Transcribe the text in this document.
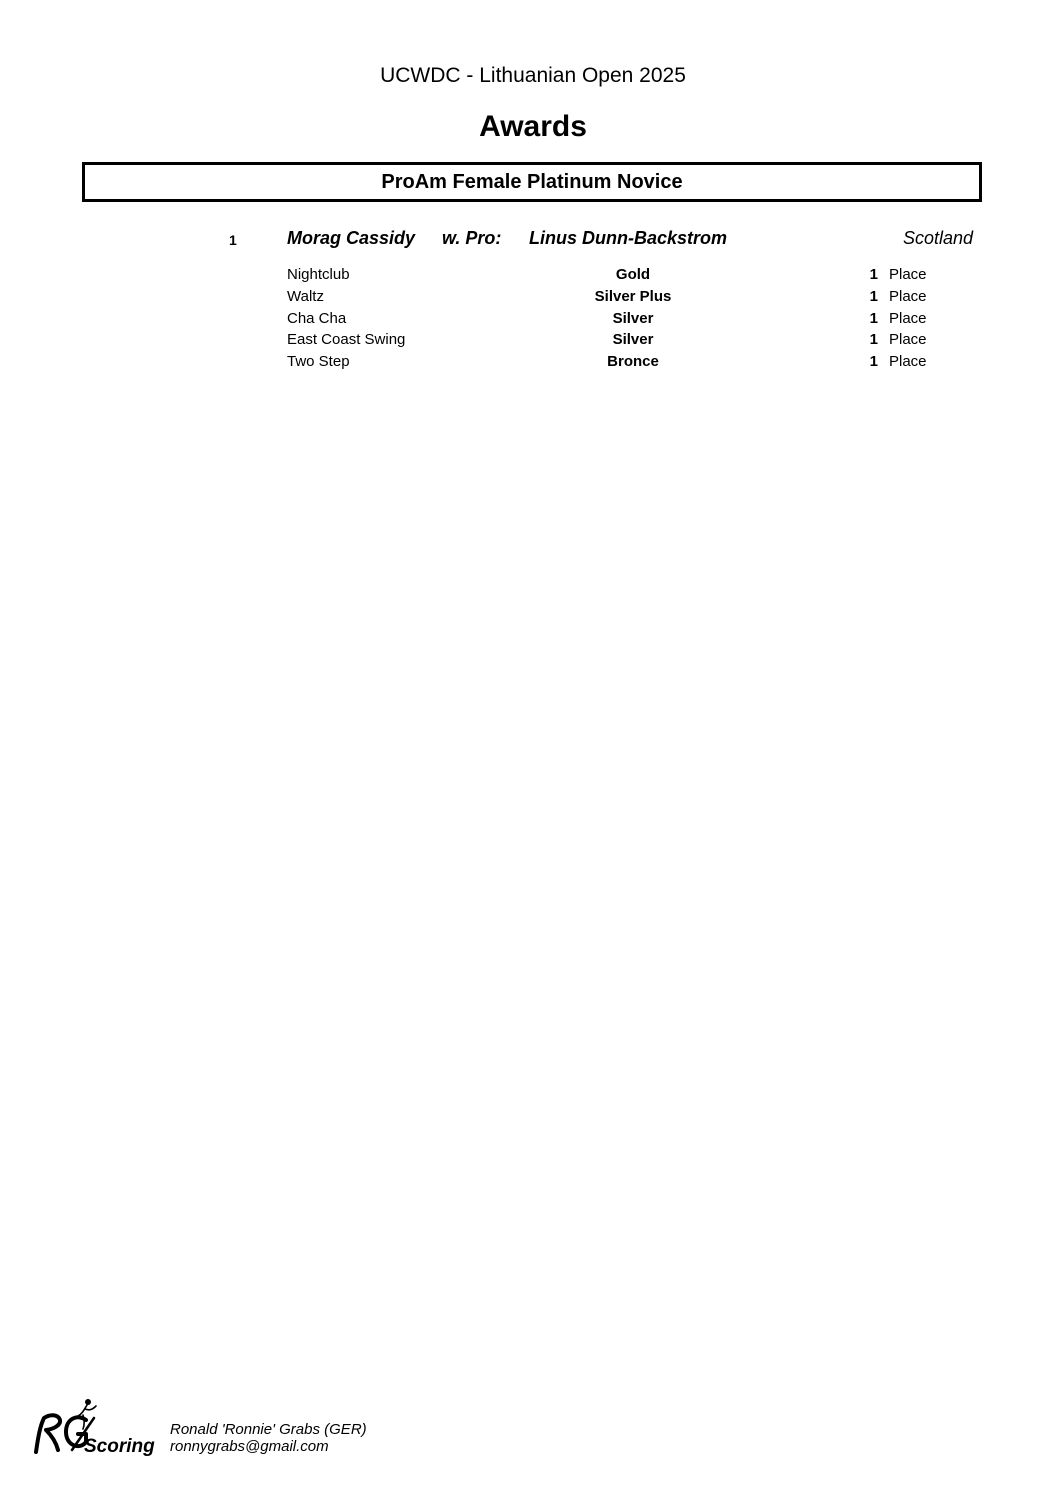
UCWDC - Lithuanian Open 2025
Awards
ProAm Female Platinum Novice
1	Morag Cassidy w. Pro: Linus Dunn-Backstrom	Scotland
Nightclub	Gold	1 Place
Waltz	Silver Plus	1 Place
Cha Cha	Silver	1 Place
East Coast Swing	Silver	1 Place
Two Step	Bronce	1 Place
Scoring
Ronald 'Ronnie' Grabs (GER)
ronnygrabs@gmail.com
